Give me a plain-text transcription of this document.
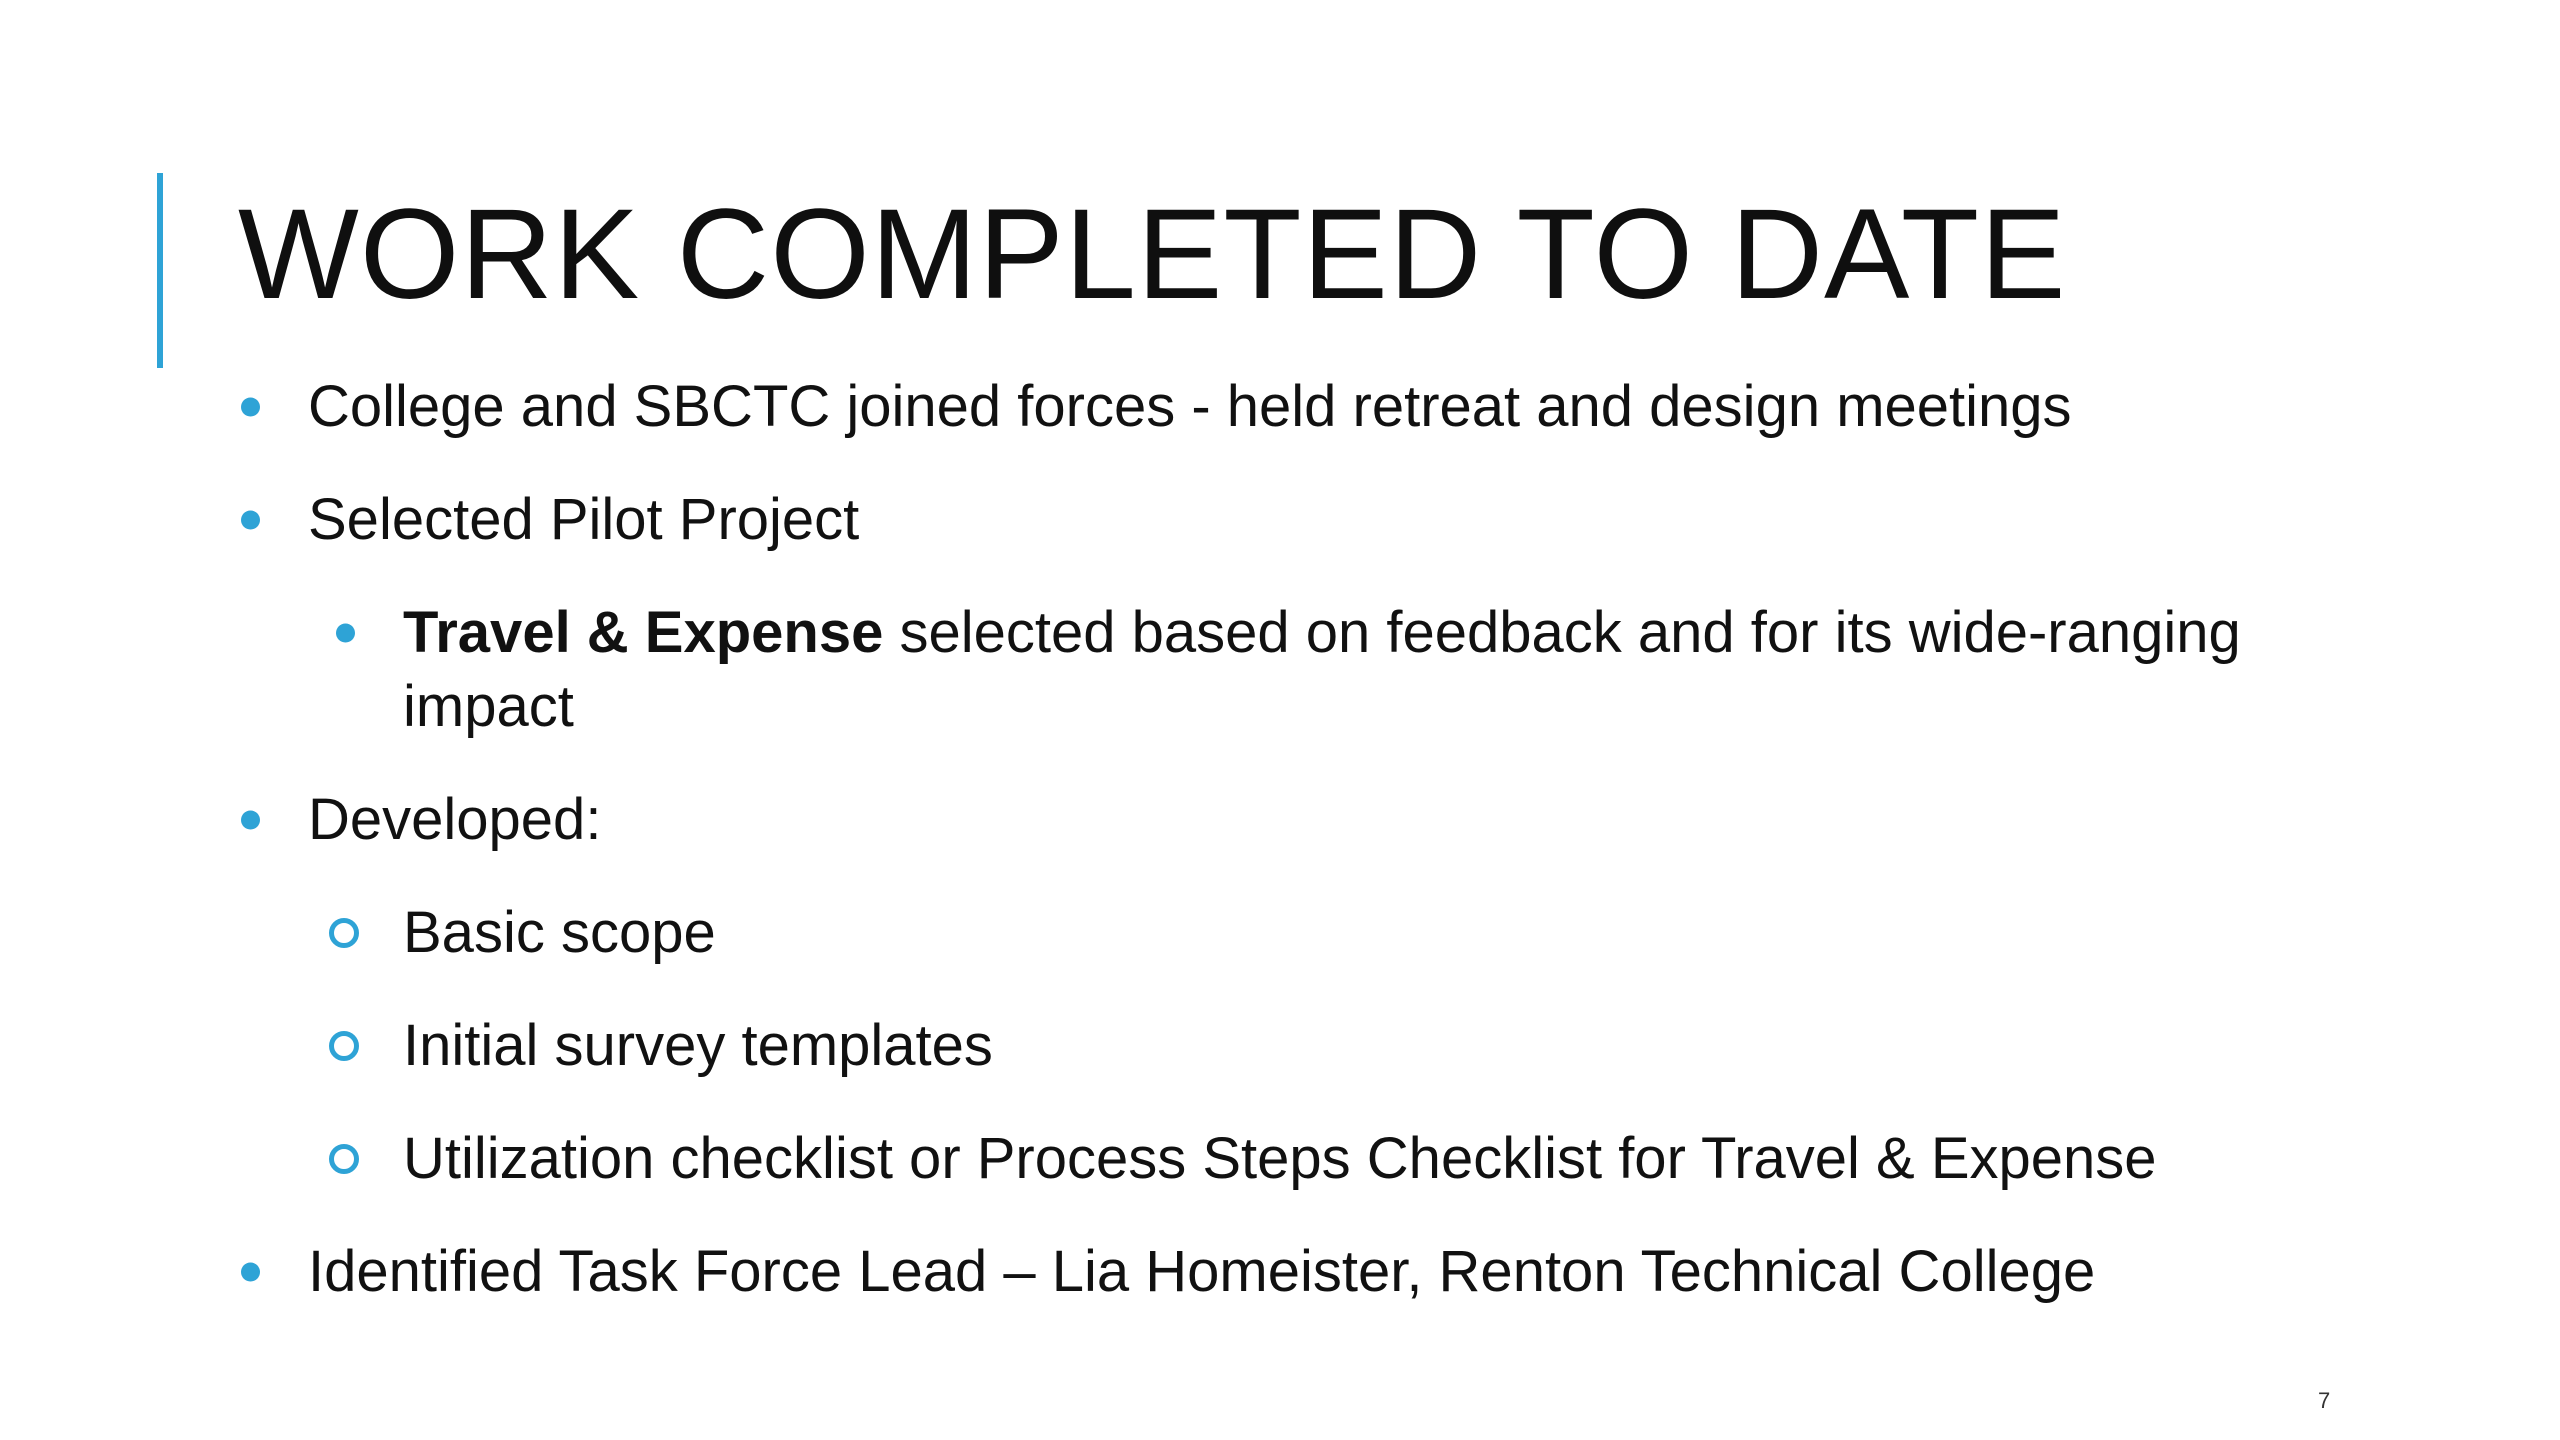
WORK COMPLETED TO DATE
College and SBCTC joined forces - held retreat and design meetings
Selected Pilot Project
Travel & Expense selected based on feedback and for its wide-ranging impact
Developed:
Basic scope
Initial survey templates
Utilization checklist or Process Steps Checklist for Travel & Expense
Identified Task Force Lead – Lia Homeister, Renton Technical College
7
